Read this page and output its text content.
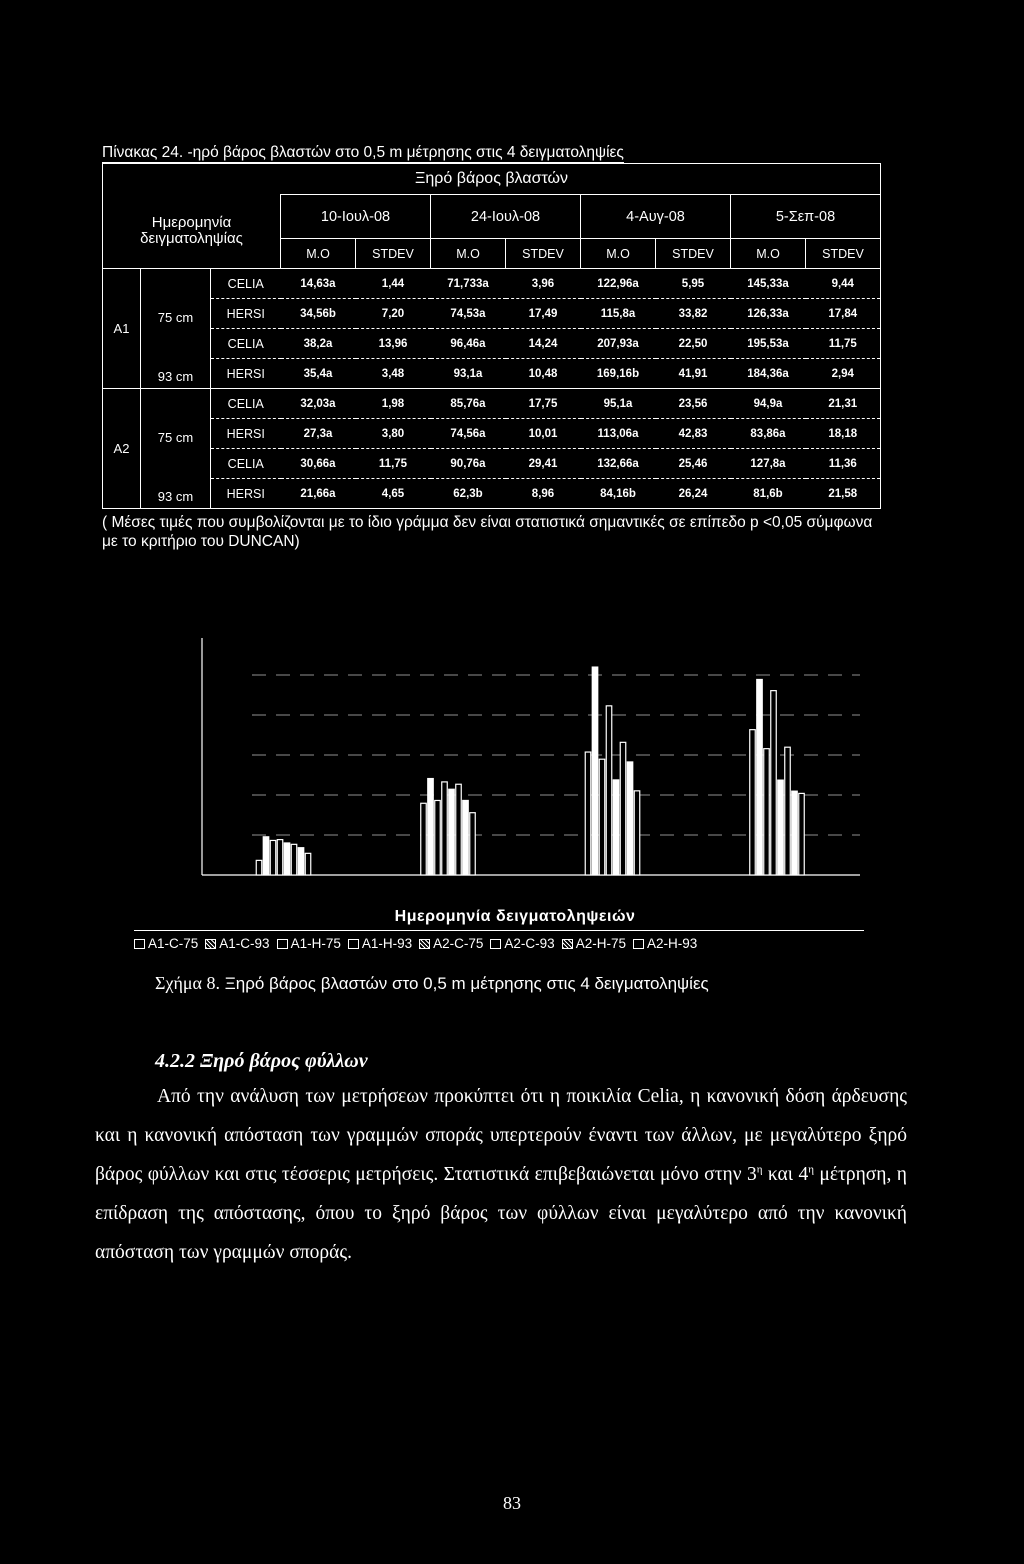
Πίνακας 24. -ηρό βάρος βλαστών στο 0,5 m μέτρησης στις 4 δειγματοληψίες
Ξηρό βάρος βλαστών										
Ημερομηνία δειγματοληψίας			10-Ιουλ-08		24-Ιουλ-08		4-Αυγ-08		5-Σεπ-08	
			Μ.Ο	STDEV	Μ.Ο	STDEV	Μ.Ο	STDEV	Μ.Ο	STDEV
A1	75 cm	CELIA	14,63a	1,44	71,733a	3,96	122,96a	5,95	145,33a	9,44
		HERSI	34,56b	7,20	74,53a	17,49	115,8a	33,82	126,33a	17,84
	93 cm	CELIA	38,2a	13,96	96,46a	14,24	207,93a	22,50	195,53a	11,75
		HERSI	35,4a	3,48	93,1a	10,48	169,16b	41,91	184,36a	2,94
A2	75 cm	CELIA	32,03a	1,98	85,76a	17,75	95,1a	23,56	94,9a	21,31
		HERSI	27,3a	3,80	74,56a	10,01	113,06a	42,83	83,86a	18,18
	93 cm	CELIA	30,66a	11,75	90,76a	29,41	132,66a	25,46	127,8a	11,36
		HERSI	21,66a	4,65	62,3b	8,96	84,16b	26,24	81,6b	21,58
( Μέσες τιμές που συμβολίζονται με το ίδιο γράμμα δεν είναι στατιστικά σημαντικές σε επίπεδο p <0,05 σύμφωνα με το κριτήριο του DUNCAN)
Ημερομηνία δειγματοληψειών
A1-C-75 A1-C-93 A1-H-75 A1-H-93 A2-C-75 A2-C-93 A2-H-75 A2-H-93
Σχήμα 8. Ξηρό βάρος βλαστών στο 0,5 m μέτρησης στις 4 δειγματοληψίες
4.2.2 Ξηρό βάρος φύλλων
Από την ανάλυση των μετρήσεων προκύπτει ότι η ποικιλία Celia, η κανονική δόση άρδευσης και η κανονική απόσταση των γραμμών σποράς υπερτερούν έναντι των άλλων, με μεγαλύτερο ξηρό βάρος φύλλων και στις τέσσερις μετρήσεις. Στατιστικά επιβεβαιώνεται μόνο στην $3^\eta$ και $4^\eta$ μέτρηση, η επίδραση της απόστασης, όπου το ξηρό βάρος των φύλλων είναι μεγαλύτερο από την κανονική απόσταση των γραμμών σποράς.
83
